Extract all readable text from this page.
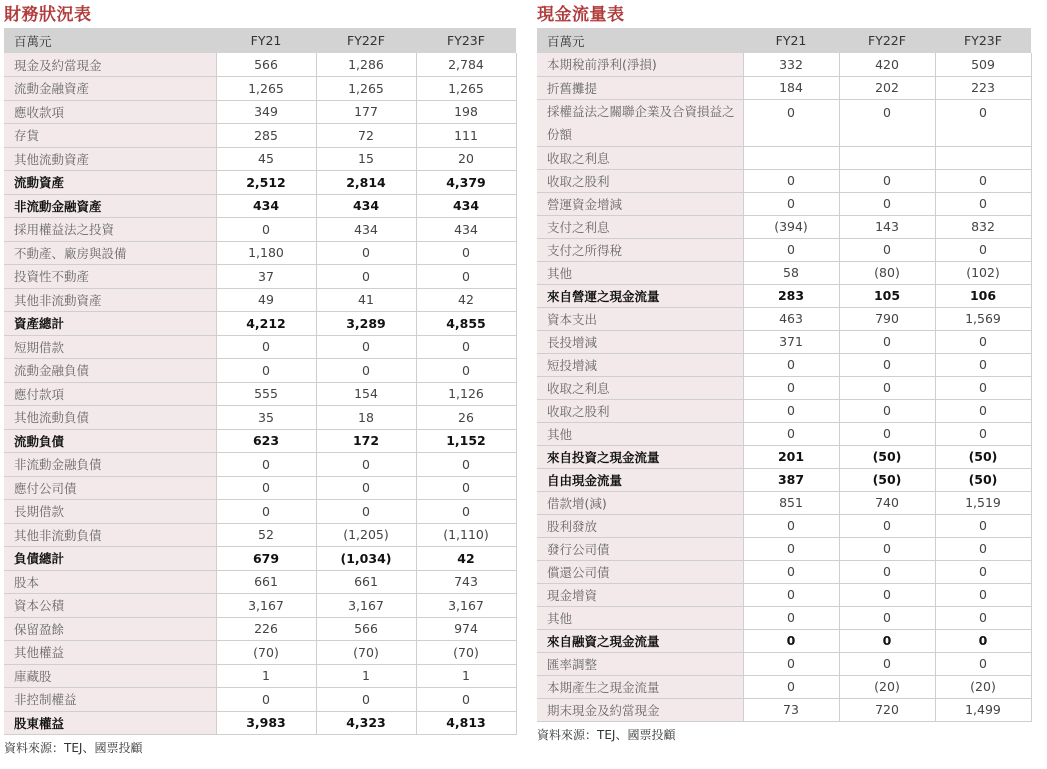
財務狀況表
百萬元	FY21	FY22F	FY23F
現金及約當現金	566	1,286	2,784
流動金融資產	1,265	1,265	1,265
應收款項	349	177	198
存貨	285	72	111
其他流動資產	45	15	20
流動資產	2,512	2,814	4,379
非流動金融資產	434	434	434
採用權益法之投資	0	434	434
不動產、廠房與設備	1,180	0	0
投資性不動產	37	0	0
其他非流動資產	49	41	42
資產總計	4,212	3,289	4,855
短期借款	0	0	0
流動金融負債	0	0	0
應付款項	555	154	1,126
其他流動負債	35	18	26
流動負債	623	172	1,152
非流動金融負債	0	0	0
應付公司債	0	0	0
長期借款	0	0	0
其他非流動負債	52	(1,205)	(1,110)
負債總計	679	(1,034)	42
股本	661	661	743
資本公積	3,167	3,167	3,167
保留盈餘	226	566	974
其他權益	(70)	(70)	(70)
庫藏股	1	1	1
非控制權益	0	0	0
股東權益	3,983	4,323	4,813
資料來源：TEJ、國票投顧
現金流量表
百萬元	FY21	FY22F	FY23F
本期稅前淨利(淨損)	332	420	509
折舊攤提	184	202	223
採權益法之關聯企業及合資損益之份額	0	0	0
收取之利息			
收取之股利	0	0	0
營運資金增減	0	0	0
支付之利息	(394)	143	832
支付之所得稅	0	0	0
其他	58	(80)	(102)
來自營運之現金流量	283	105	106
資本支出	463	790	1,569
長投增減	371	0	0
短投增減	0	0	0
收取之利息	0	0	0
收取之股利	0	0	0
其他	0	0	0
來自投資之現金流量	201	(50)	(50)
自由現金流量	387	(50)	(50)
借款增(減)	851	740	1,519
股利發放	0	0	0
發行公司債	0	0	0
償還公司債	0	0	0
現金增資	0	0	0
其他	0	0	0
來自融資之現金流量	0	0	0
匯率調整	0	0	0
本期產生之現金流量	0	(20)	(20)
期末現金及約當現金	73	720	1,499
資料來源：TEJ、國票投顧
